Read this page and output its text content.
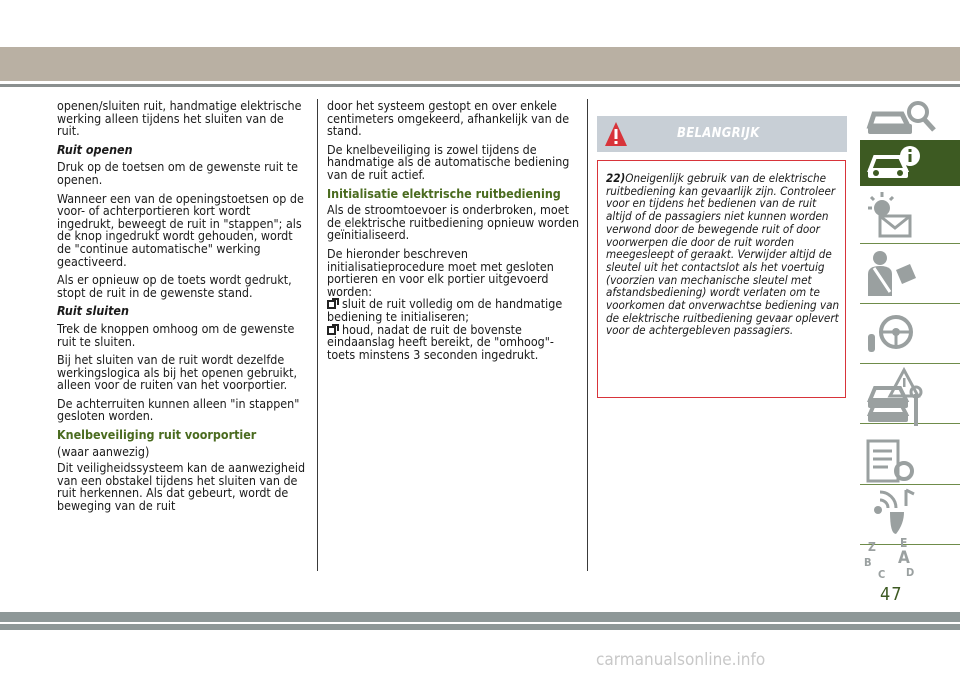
openen/sluiten ruit, handmatige elektrische werking alleen tijdens het sluiten van de ruit.

Ruit openen

Druk op de toetsen om de gewenste ruit te openen.

Wanneer een van de openingstoetsen op de voor- of achterportieren kort wordt ingedrukt, beweegt de ruit in "stappen"; als de knop ingedrukt wordt gehouden, wordt de "continue automatische" werking geactiveerd.

Als er opnieuw op de toets wordt gedrukt, stopt de ruit in de gewenste stand.

Ruit sluiten

Trek de knoppen omhoog om de gewenste ruit te sluiten.

Bij het sluiten van de ruit wordt dezelfde werkingslogica als bij het openen gebruikt, alleen voor de ruiten van het voorportier.

De achterruiten kunnen alleen "in stappen" gesloten worden.

Knelbeveiliging ruit voorportier

(waar aanwezig)

Dit veiligheidssysteem kan de aanwezigheid van een obstakel tijdens het sluiten van de ruit herkennen. Als dat gebeurt, wordt de beweging van de ruit

door het systeem gestopt en over enkele centimeters omgekeerd, afhankelijk van de stand.

De knelbeveiliging is zowel tijdens de handmatige als de automatische bediening van de ruit actief.

Initialisatie elektrische ruitbediening

Als de stroomtoevoer is onderbroken, moet de elektrische ruitbediening opnieuw worden geïnitialiseerd.

De hieronder beschreven initialisatieprocedure moet met gesloten portieren en voor elk portier uitgevoerd worden:

sluit de ruit volledig om de handmatige bediening te initialiseren;
houd, nadat de ruit de bovenste eindaanslag heeft bereikt, de "omhoog"-toets minstens 3 seconden ingedrukt.
BELANGRIJK
22)Oneigenlijk gebruik van de elektrische ruitbediening kan gevaarlijk zijn. Controleer voor en tijdens het bedienen van de ruit altijd of de passagiers niet kunnen worden verwond door de bewegende ruit of door voorwerpen die door de ruit worden meegesleept of geraakt. Verwijder altijd de sleutel uit het contactslot als het voertuig (voorzien van mechanische sleutel met afstandsbediening) wordt verlaten om te voorkomen dat onverwachtse bediening van de elektrische ruitbediening gevaar oplevert voor de achtergebleven passagiers.
Z E
B A
C D
47
carmanualsonline.info
